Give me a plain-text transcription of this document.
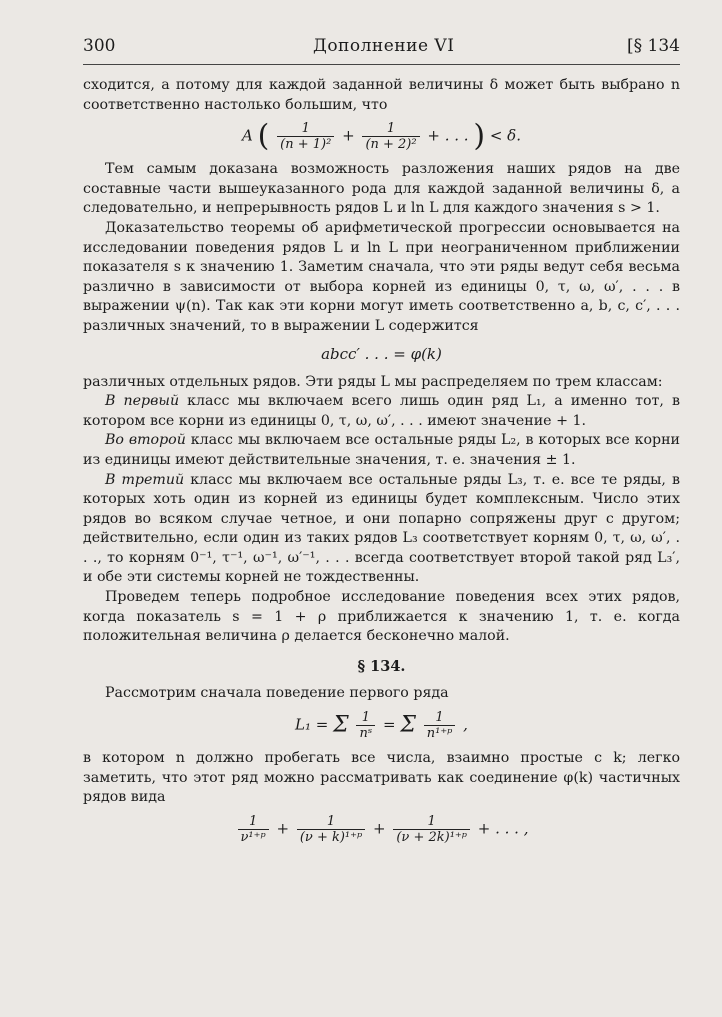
300	Дополнение VI	[§ 134

сходится, а потому для каждой заданной величины δ может быть выбрано n соответственно настолько большим, что

A ( $\frac{1}{\text{(n + 1)²}} + \frac{1}{\text{(n + 2)²}}$ + . . . ) < δ.

Тем самым доказана возможность разложения наших рядов на две составные части вышеуказанного рода для каждой заданной величины δ, а следовательно, и непрерывность рядов L и ln L для каждого значения s > 1.

Доказательство теоремы об арифметической прогрессии основывается на исследовании поведения рядов L и ln L при неограниченном приближении показателя s к значению 1. Заметим сначала, что эти ряды ведут себя весьма различно в зависимости от выбора корней из единицы 0, τ, ω, ω′, . . . в выражении ψ(n). Так как эти корни могут иметь соответственно a, b, c, c′, . . . различных значений, то в выражении L содержится

abcc′ . . . = φ(k)

различных отдельных рядов. Эти ряды L мы распределяем по трем классам:

В первый класс мы включаем всего лишь один ряд L₁, а именно тот, в котором все корни из единицы 0, τ, ω, ω′, . . . имеют значение + 1.

Во второй класс мы включаем все остальные ряды L₂, в которых все корни из единицы имеют действительные значения, т. е. значения ± 1.

В третий класс мы включаем все остальные ряды L₃, т. е. все те ряды, в которых хоть один из корней из единицы будет комплексным. Число этих рядов во всяком случае четное, и они попарно сопряжены друг с другом; действительно, если один из таких рядов L₃ соответствует корням 0, τ, ω, ω′, . . ., то корням 0⁻¹, τ⁻¹, ω⁻¹, ω′⁻¹, . . . всегда соответствует второй такой ряд L₃′, и обе эти системы корней не тождественны.

Проведем теперь подробное исследование поведения всех этих рядов, когда показатель s = 1 + ρ приближается к значению 1, т. е. когда положительная величина ρ делается бесконечно малой.

§ 134.

Рассмотрим сначала поведение первого ряда

L₁ = Σ $\frac{1}{\text{nˢ}} = \Sigma \frac{1}{\text{n¹⁺ᵖ}}$ ,

в котором n должно пробегать все числа, взаимно простые с k; легко заметить, что этот ряд можно рассматривать как соединение φ(k) частичных рядов вида

$\frac{1}{\text{ν¹⁺ᵖ}} + \frac{1}{\text{(ν + k)¹⁺ᵖ}} + \frac{1}{\text{(ν + 2k)¹⁺ᵖ}}$ + . . . ,
